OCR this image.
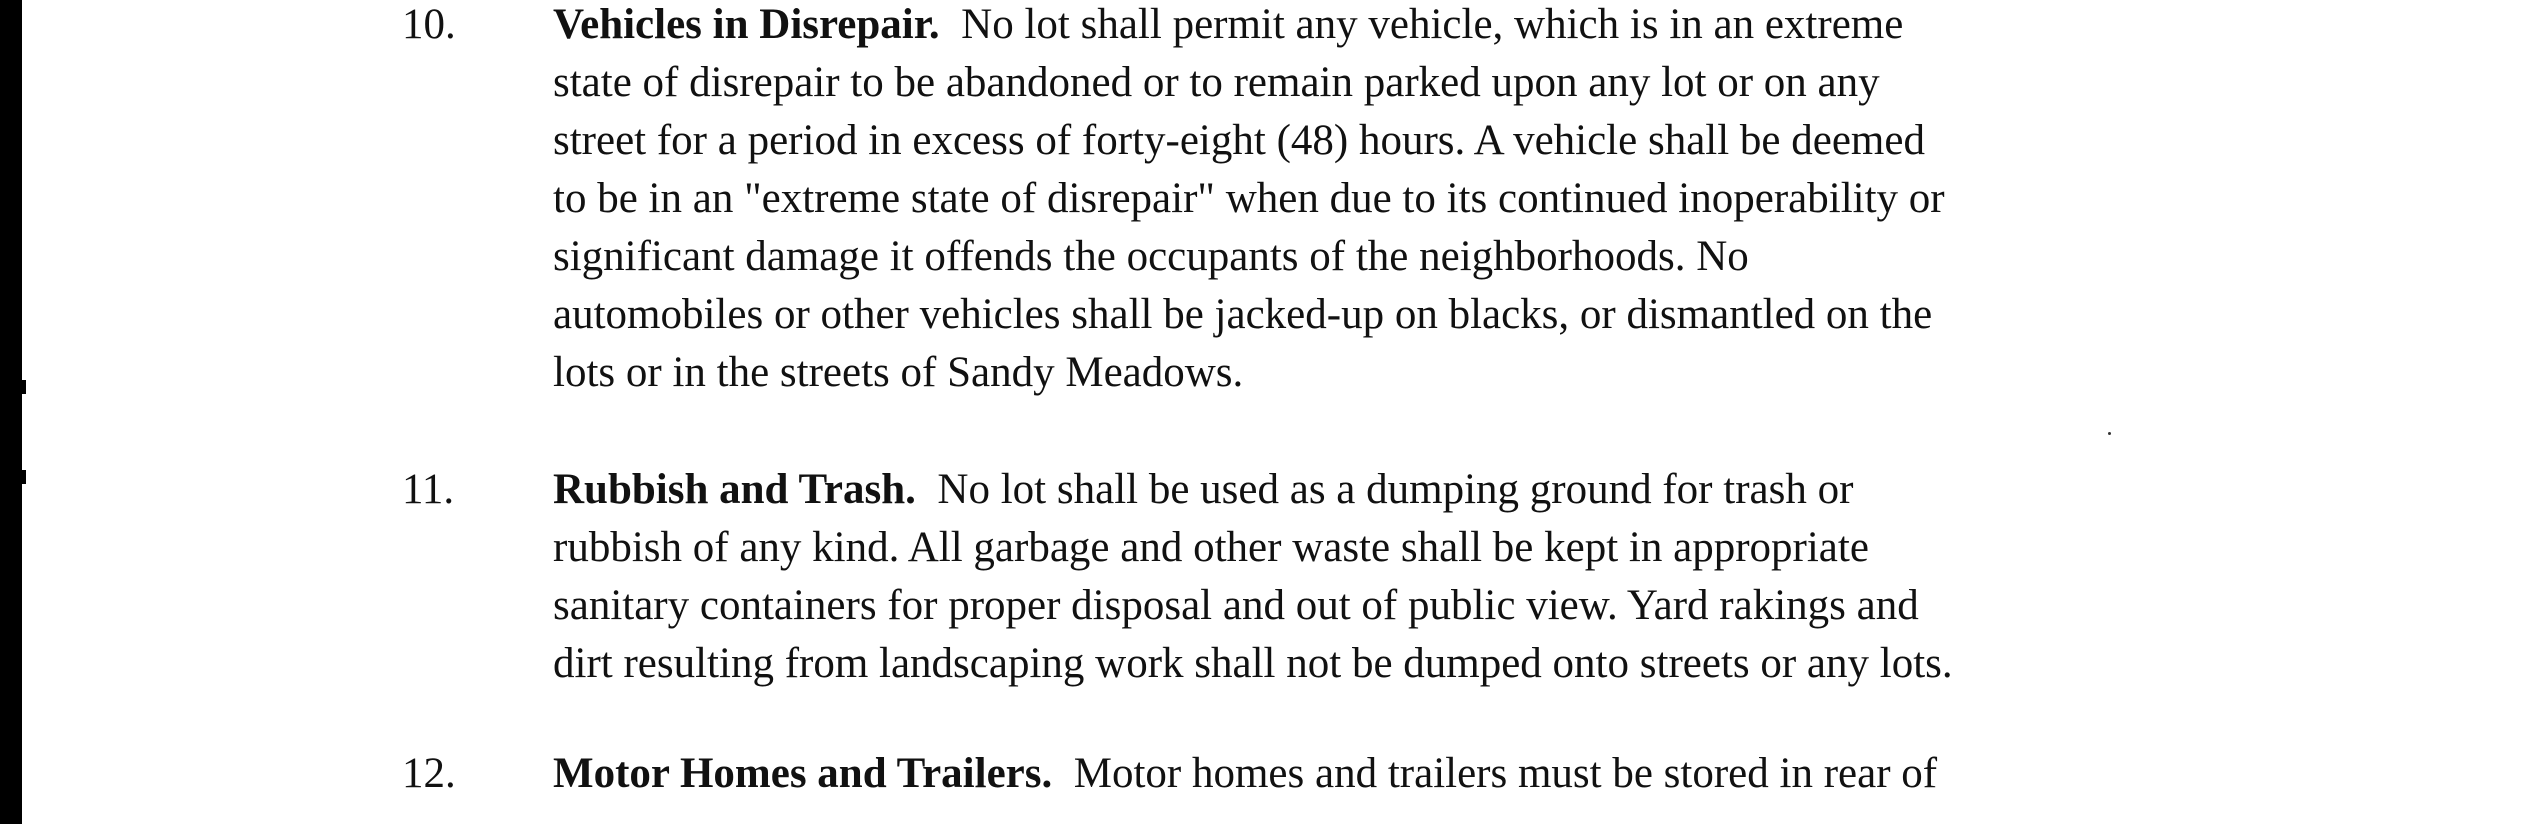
10. Vehicles in Disrepair. No lot shall permit any vehicle, which is in an extreme
state of disrepair to be abandoned or to remain parked upon any lot or on any
street for a period in excess of forty-eight (48) hours. A vehicle shall be deemed
to be in an "extreme state of disrepair" when due to its continued inoperability or
significant damage it offends the occupants of the neighborhoods. No
automobiles or other vehicles shall be jacked-up on blacks, or dismantled on the
lots or in the streets of Sandy Meadows.
11. Rubbish and Trash. No lot shall be used as a dumping ground for trash or
rubbish of any kind. All garbage and other waste shall be kept in appropriate
sanitary containers for proper disposal and out of public view. Yard rakings and
dirt resulting from landscaping work shall not be dumped onto streets or any lots.
12. Motor Homes and Trailers. Motor homes and trailers must be stored in rear of
